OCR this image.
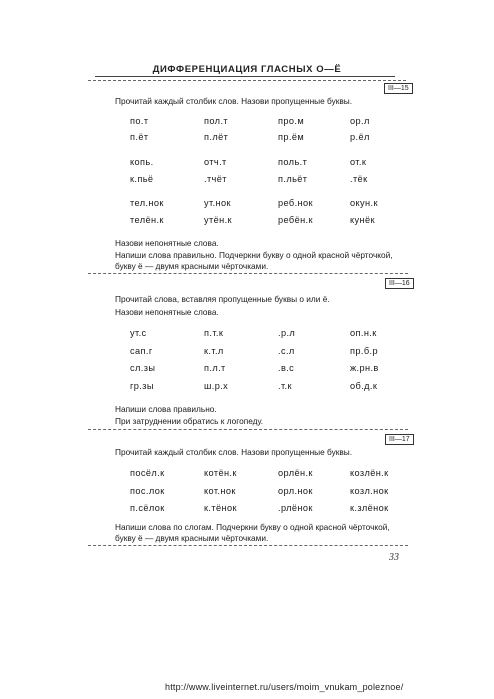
ДИФФЕРЕНЦИАЦИЯ ГЛАСНЫХ О—Ё
III—15
Прочитай каждый столбик слов. Назови пропущенные буквы.
по.т	пол.т	про.м	ор.л
п.ёт	п.лёт	пр.ём	р.ёл
копь.	отч.т	поль.т	от.к
к.пьё	.тчёт	п.льёт	.тёк
тел.нок	ут.нок	реб.нок	окун.к
телён.к	утён.к	ребён.к	кунёк
Назови непонятные слова.
Напиши слова правильно. Подчеркни букву о одной красной чёрточкой,
букву ё — двумя красными чёрточками.
III—16
Прочитай слова, вставляя пропущенные буквы о или ё.
Назови непонятные слова.
ут.с	п.т.к	.р.л	оп.н.к
сап.г	к.т.л	.с.л	пр.б.р
сл.зы	п.л.т	.в.с	ж.рн.в
гр.зы	ш.р.х	.т.к	об.д.к
Напиши слова правильно.
При затруднении обратись к логопеду.
III—17
Прочитай каждый столбик слов. Назови пропущенные буквы.
посёл.к	котён.к	орлён.к	козлён.к
пос.лок	кот.нок	орл.нок	козл.нок
п.сёлок	к.тёнок	.рлёнок	к.злёнок
Напиши слова по слогам. Подчеркни букву о одной красной чёрточкой,
букву ё — двумя красными чёрточками.
33
http://www.liveinternet.ru/users/moim_vnukam_poleznoe/
